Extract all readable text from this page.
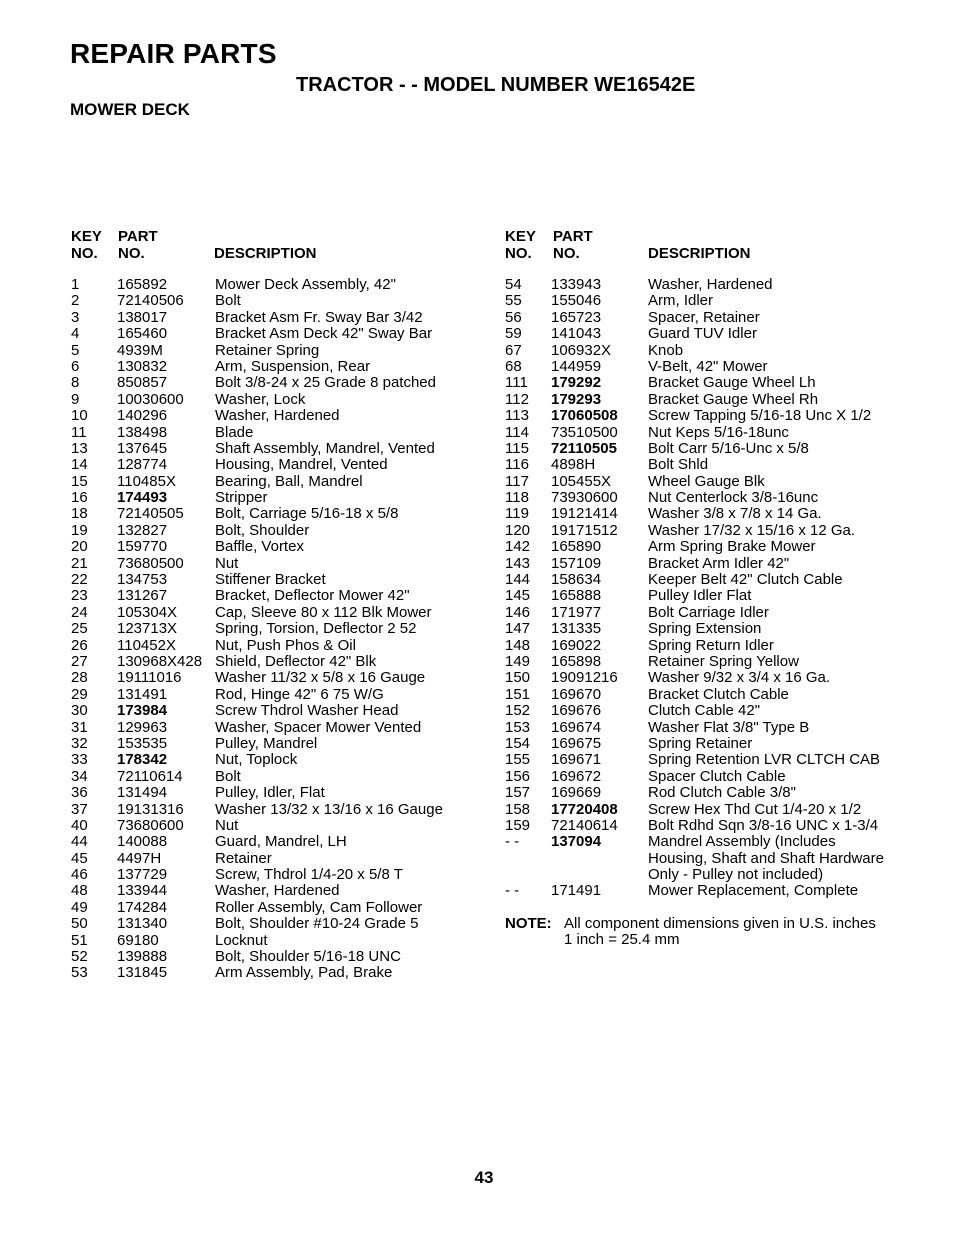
REPAIR PARTS
TRACTOR - - MODEL NUMBER WE16542E
MOWER DECK
KEY
NO.
PART
NO.	DESCRIPTION
1	165892	Mower Deck Assembly, 42"
2	72140506 Bolt
3	138017	Bracket Asm Fr. Sway Bar 3/42
4	165460	Bracket Asm Deck 42" Sway Bar
5	4939M	Retainer Spring
6	130832	Arm, Suspension, Rear
8	850857	Bolt 3/8-24 x 25 Grade 8 patched
9	10030600 Washer, Lock
10 140296	Washer, Hardened
11 138498	Blade
13 137645	Shaft Assembly, Mandrel, Vented
14 128774	Housing, Mandrel, Vented
15 110485X	Bearing, Ball, Mandrel
16 174493	Stripper
18 72140505 Bolt, Carriage 5/16-18 x 5/8
19 132827	Bolt, Shoulder
20 159770	Baffle, Vortex
21 73680500 Nut
22 134753	Stiffener Bracket
23 131267	Bracket, Deflector Mower 42"
24 105304X	Cap, Sleeve 80 x 112 Blk Mower
25 123713X	Spring, Torsion, Deflector 2 52
26 110452X	Nut, Push Phos & Oil
27 130968X428 Shield, Deflector 42" Blk
28 19111016 Washer 11/32 x 5/8 x 16 Gauge
29 131491	Rod, Hinge 42" 6 75 W/G
30 173984	Screw Thdrol Washer Head
31 129963	Washer, Spacer Mower Vented
32 153535	Pulley, Mandrel
33 178342	Nut, Toplock
34 72110614 Bolt
36 131494	Pulley, Idler, Flat
37 19131316 Washer 13/32 x 13/16 x 16 Gauge
40 73680600 Nut
44 140088	Guard, Mandrel, LH
45 4497H	Retainer
46 137729	Screw, Thdrol 1/4-20 x 5/8 T
48 133944	Washer, Hardened
49 174284	Roller Assembly, Cam Follower
50 131340	Bolt, Shoulder #10-24 Grade 5
51 69180	Locknut
52 139888	Bolt, Shoulder 5/16-18 UNC
53 131845	Arm Assembly, Pad, Brake
KEY
NO.
PART
NO.	DESCRIPTION
54 133943	Washer, Hardened
55 155046	Arm, Idler
56 165723	Spacer, Retainer
59 141043	Guard TUV Idler
67 106932X Knob
68 144959	V-Belt, 42" Mower
111 179292	Bracket Gauge Wheel Lh
112 179293	Bracket Gauge Wheel Rh
113 17060508 Screw Tapping 5/16-18 Unc X 1/2
114 73510500 Nut Keps 5/16-18unc
115 72110505 Bolt Carr 5/16-Unc x 5/8
116 4898H	Bolt Shld
117 105455X Wheel Gauge Blk
118 73930600 Nut Centerlock 3/8-16unc
119 19121414 Washer 3/8 x 7/8 x 14 Ga.
120 19171512 Washer 17/32 x 15/16 x 12 Ga.
142 165890	Arm Spring Brake Mower
143 157109	Bracket Arm Idler 42"
144 158634	Keeper Belt 42" Clutch Cable
145 165888	Pulley Idler Flat
146 171977	Bolt Carriage Idler
147 131335	Spring Extension
148 169022	Spring Return Idler
149 165898	Retainer Spring Yellow
150 19091216 Washer 9/32 x 3/4 x 16 Ga.
151 169670	Bracket Clutch Cable
152 169676	Clutch Cable 42"
153 169674	Washer Flat 3/8" Type B
154 169675	Spring Retainer
155 169671	Spring Retention LVR CLTCH CAB
156 169672	Spacer Clutch Cable
157 169669	Rod Clutch Cable 3/8"
158 17720408 Screw Hex Thd Cut 1/4-20 x 1/2
159 72140614 Bolt Rdhd Sqn 3/8-16 UNC x 1-3/4
- - 137094	Mandrel Assembly (Includes
Housing, Shaft and Shaft Hardware
Only - Pulley not included)
- - 171491	Mower Replacement, Complete
NOTE: All component dimensions given in U.S. inches
1 inch = 25.4 mm
43
